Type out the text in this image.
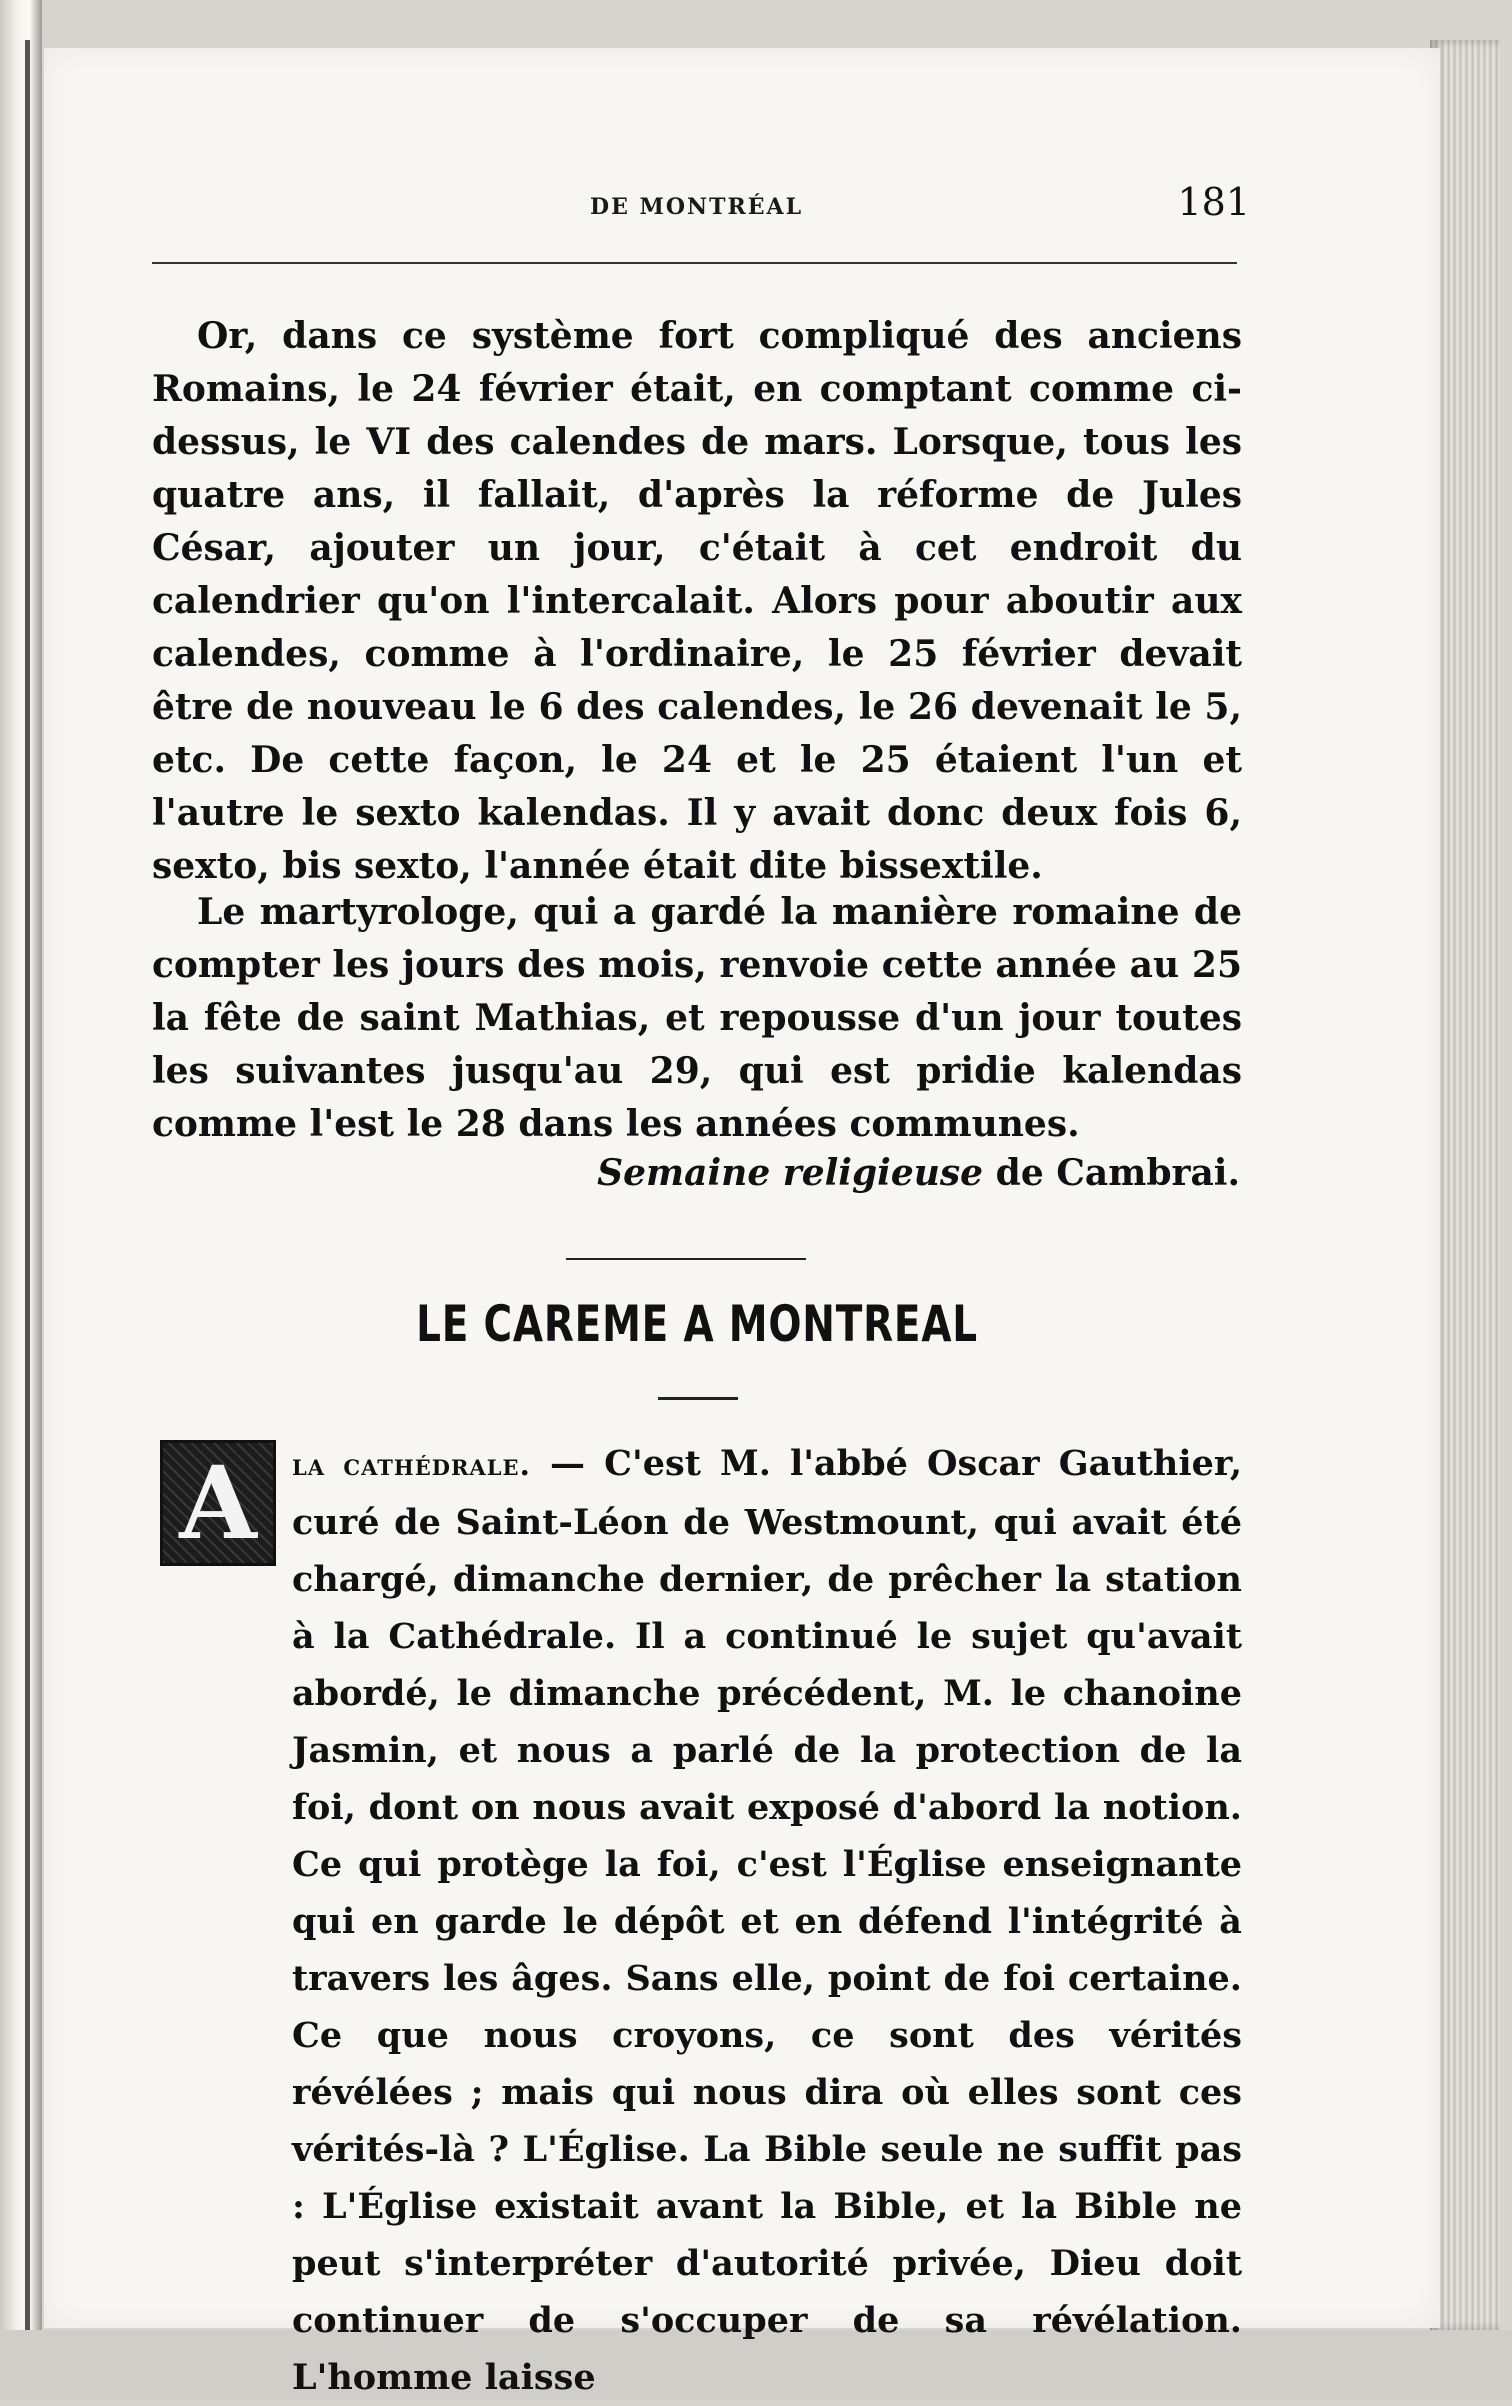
DE MONTRÉAL	181
Or, dans ce système fort compliqué des anciens Romains, le 24 février était, en comptant comme ci-dessus, le VI des calendes de mars. Lorsque, tous les quatre ans, il fallait, d'après la réforme de Jules César, ajouter un jour, c'était à cet endroit du calendrier qu'on l'intercalait. Alors pour aboutir aux calendes, comme à l'ordinaire, le 25 février devait être de nouveau le 6 des calendes, le 26 devenait le 5, etc. De cette façon, le 24 et le 25 étaient l'un et l'autre le sexto kalendas. Il y avait donc deux fois 6, sexto, bis sexto, l'année était dite bissextile.
Le martyrologe, qui a gardé la manière romaine de compter les jours des mois, renvoie cette année au 25 la fête de saint Mathias, et repousse d'un jour toutes les suivantes jusqu'au 29, qui est pridie kalendas comme l'est le 28 dans les années communes.
Semaine religieuse de Cambrai.
LE CAREME A MONTREAL
A	la cathédrale. — C'est M. l'abbé Oscar Gauthier, curé de Saint-Léon de Westmount, qui avait été chargé, dimanche dernier, de prêcher la station à la Cathédrale. Il a continué le sujet qu'avait abordé, le dimanche précédent, M. le chanoine Jasmin, et nous a parlé de la protection de la foi, dont on nous avait exposé d'abord la notion. Ce qui protège la foi, c'est l'Église enseignante qui en garde le dépôt et en défend l'intégrité à travers les âges. Sans elle, point de foi certaine. Ce que nous croyons, ce sont des vérités révélées ; mais qui nous dira où elles sont ces vérités-là ? L'Église. La Bible seule ne suffit pas : L'Église existait avant la Bible, et la Bible ne peut s'interpréter d'autorité privée, Dieu doit continuer de s'occuper de sa révélation. L'homme laisse
